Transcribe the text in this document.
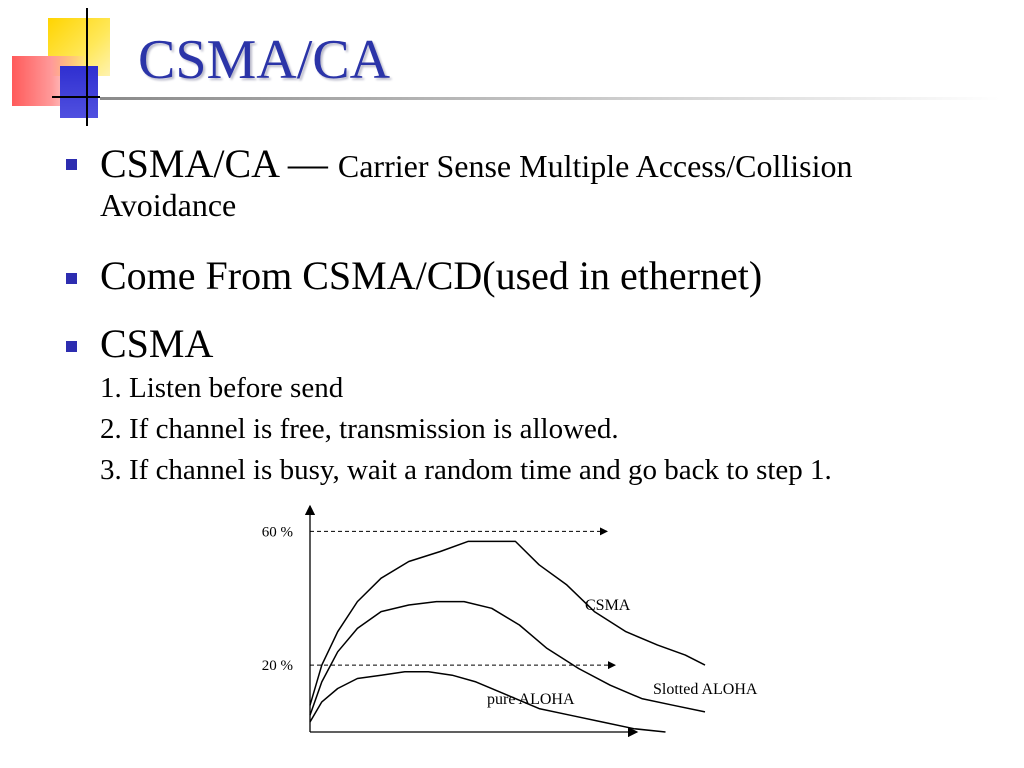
CSMA/CA

CSMA/CA — Carrier Sense Multiple Access/Collision
Avoidance

Come From CSMA/CD(used in ethernet)

CSMA

1. Listen before send
2. If channel is free, transmission is allowed.
3. If channel is busy, wait a random time and go back to step 1.
60 %
20 %
CSMA
Slotted ALOHA
pure ALOHA
